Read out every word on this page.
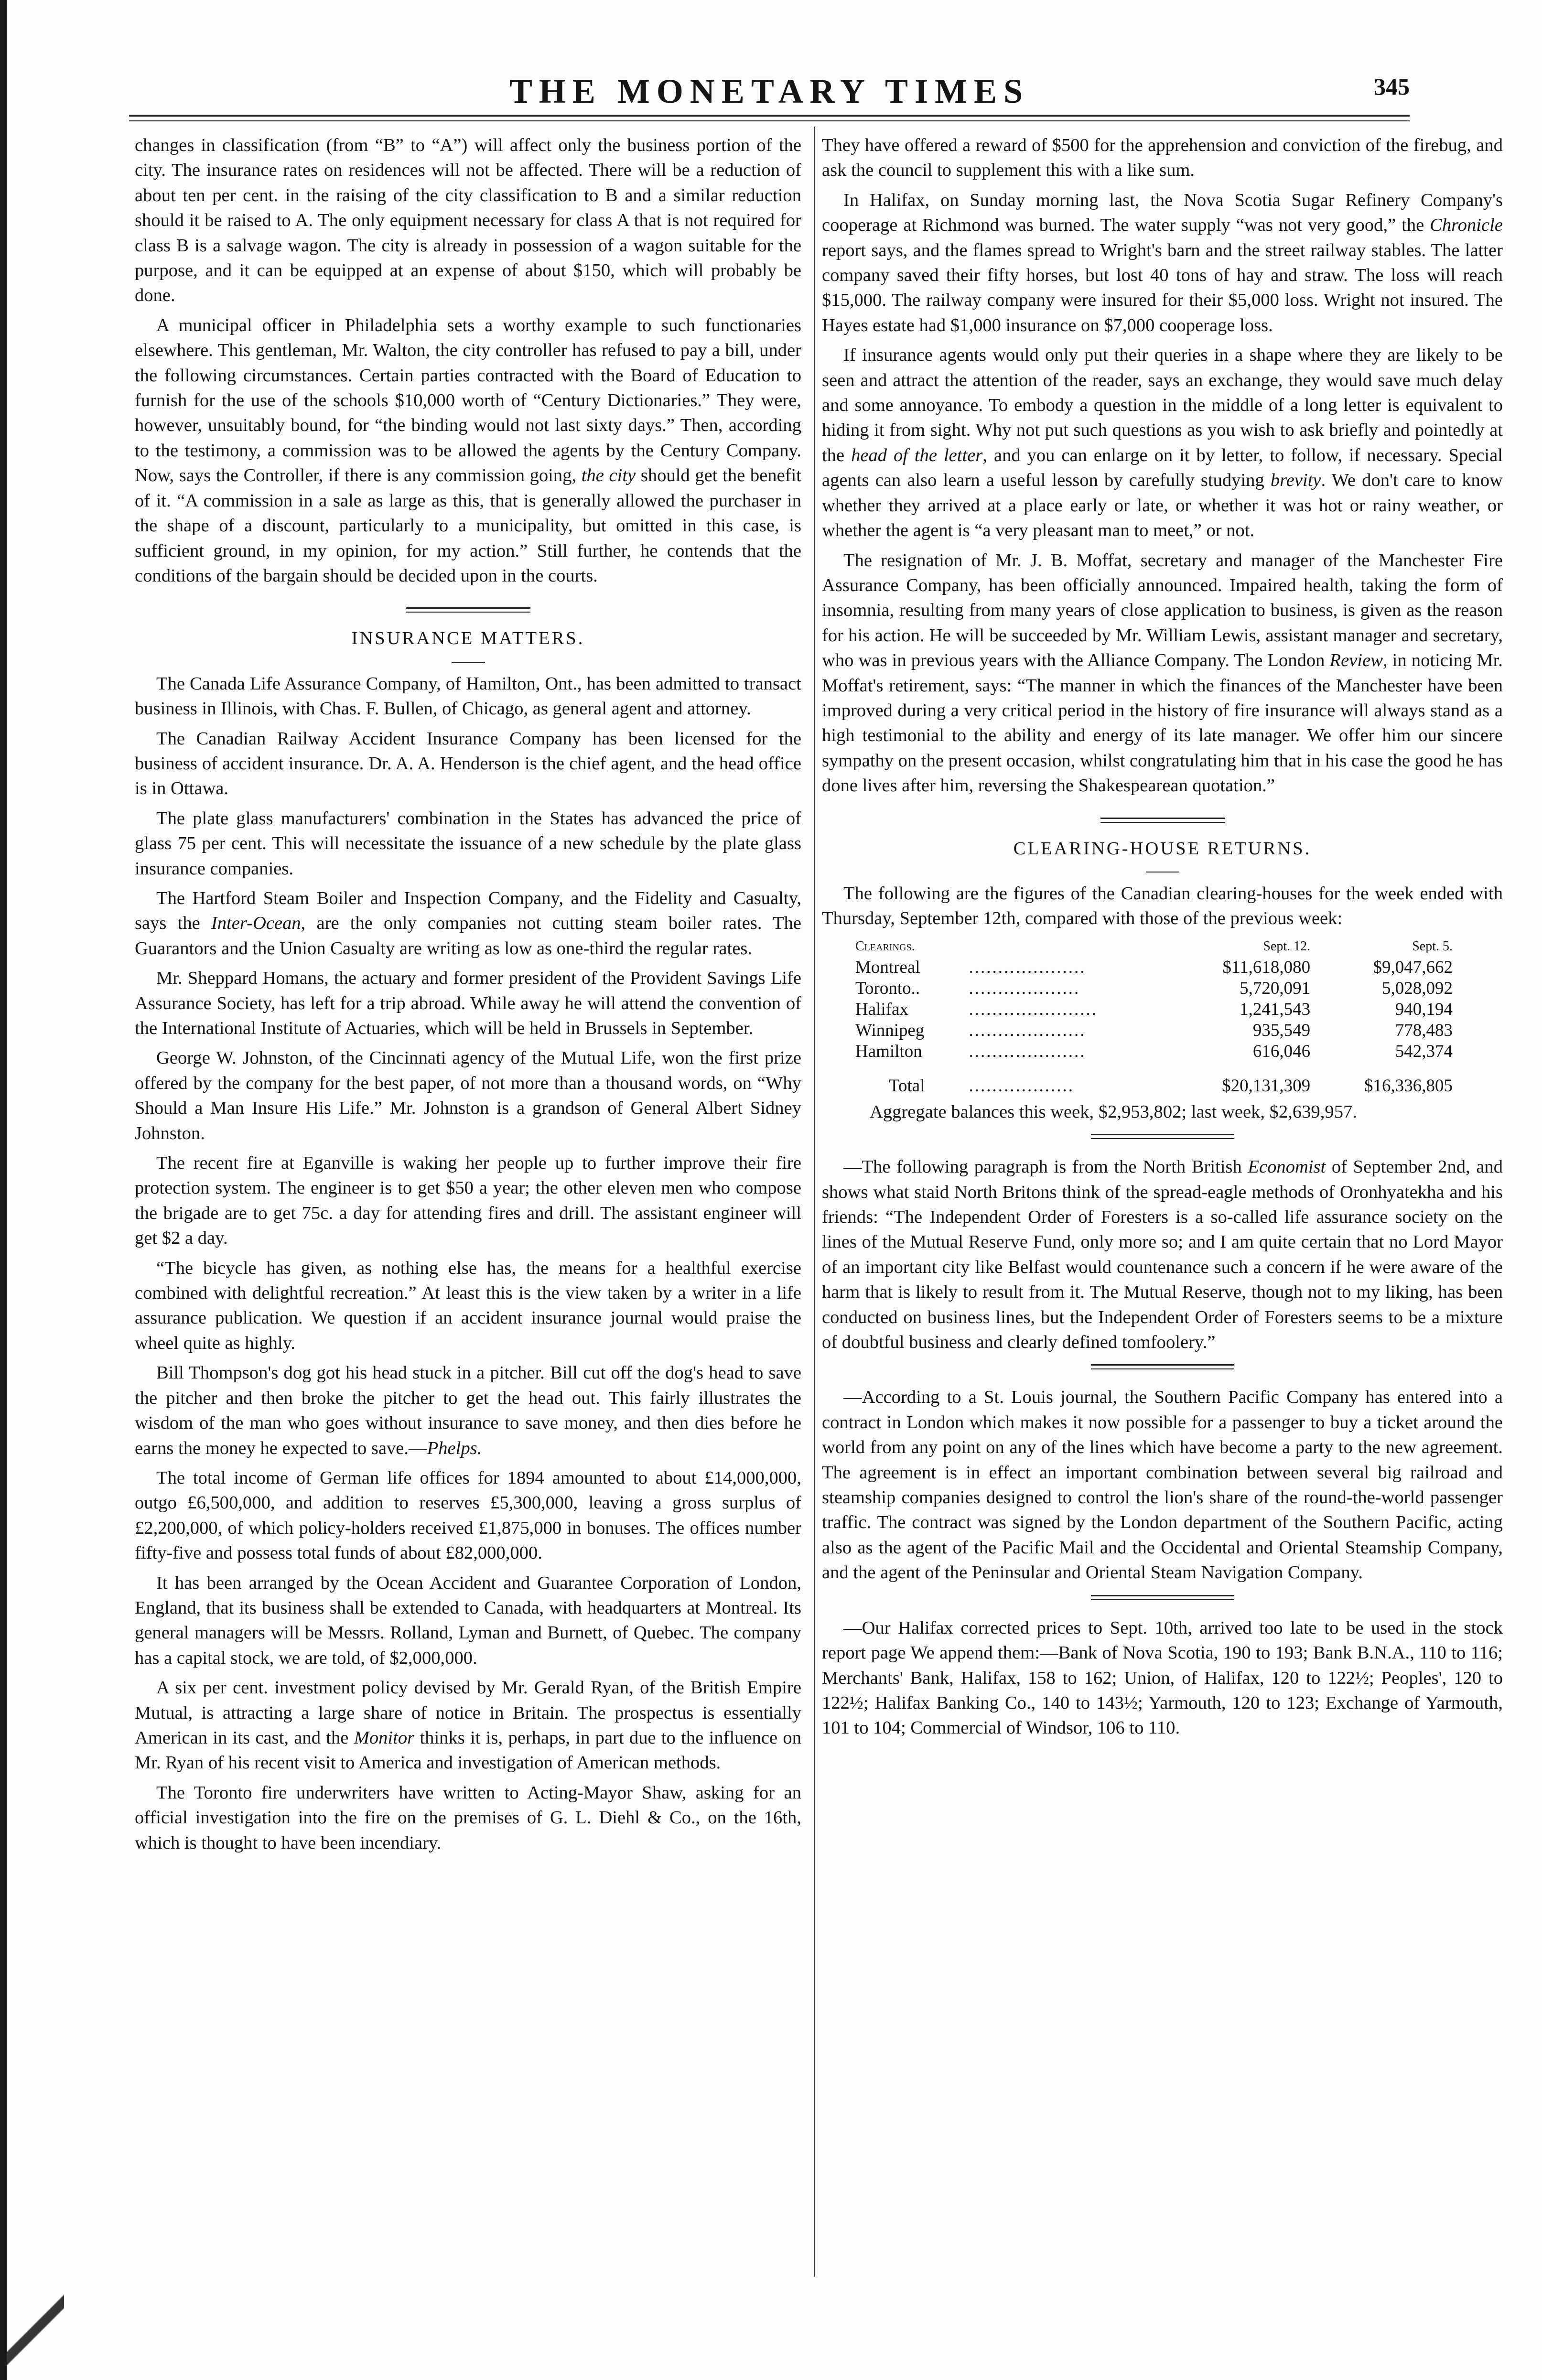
THE MONETARY TIMES	345

changes in classification (from “B” to “A”) will affect only the business portion of the city. The insurance rates on residences will not be affected. There will be a reduction of about ten per cent. in the raising of the city classification to B and a similar reduction should it be raised to A. The only equipment necessary for class A that is not required for class B is a salvage wagon. The city is already in possession of a wagon suitable for the purpose, and it can be equipped at an expense of about $150, which will probably be done.

A municipal officer in Philadelphia sets a worthy example to such functionaries elsewhere. This gentleman, Mr. Walton, the city controller has refused to pay a bill, under the following circumstances. Certain parties contracted with the Board of Education to furnish for the use of the schools $10,000 worth of “Century Dictionaries.” They were, however, unsuitably bound, for “the binding would not last sixty days.” Then, according to the testimony, a commission was to be allowed the agents by the Century Company. Now, says the Controller, if there is any commission going, the city should get the benefit of it. “A commission in a sale as large as this, that is generally allowed the purchaser in the shape of a discount, particularly to a municipality, but omitted in this case, is sufficient ground, in my opinion, for my action.” Still further, he contends that the conditions of the bargain should be decided upon in the courts.

INSURANCE MATTERS.

The Canada Life Assurance Company, of Hamilton, Ont., has been admitted to transact business in Illinois, with Chas. F. Bullen, of Chicago, as general agent and attorney.

The Canadian Railway Accident Insurance Company has been licensed for the business of accident insurance. Dr. A. A. Henderson is the chief agent, and the head office is in Ottawa.

The plate glass manufacturers' combination in the States has advanced the price of glass 75 per cent. This will necessitate the issuance of a new schedule by the plate glass insurance companies.

The Hartford Steam Boiler and Inspection Company, and the Fidelity and Casualty, says the Inter-Ocean, are the only companies not cutting steam boiler rates. The Guarantors and the Union Casualty are writing as low as one-third the regular rates.

Mr. Sheppard Homans, the actuary and former president of the Provident Savings Life Assurance Society, has left for a trip abroad. While away he will attend the convention of the International Institute of Actuaries, which will be held in Brussels in September.

George W. Johnston, of the Cincinnati agency of the Mutual Life, won the first prize offered by the company for the best paper, of not more than a thousand words, on “Why Should a Man Insure His Life.” Mr. Johnston is a grandson of General Albert Sidney Johnston.

The recent fire at Eganville is waking her people up to further improve their fire protection system. The engineer is to get $50 a year; the other eleven men who compose the brigade are to get 75c. a day for attending fires and drill. The assistant engineer will get $2 a day.

“The bicycle has given, as nothing else has, the means for a healthful exercise combined with delightful recreation.” At least this is the view taken by a writer in a life assurance publication. We question if an accident insurance journal would praise the wheel quite as highly.

Bill Thompson's dog got his head stuck in a pitcher. Bill cut off the dog's head to save the pitcher and then broke the pitcher to get the head out. This fairly illustrates the wisdom of the man who goes without insurance to save money, and then dies before he earns the money he expected to save.—Phelps.

The total income of German life offices for 1894 amounted to about £14,000,000, outgo £6,500,000, and addition to reserves £5,300,000, leaving a gross surplus of £2,200,000, of which policy-holders received £1,875,000 in bonuses. The offices number fifty-five and possess total funds of about £82,000,000.

It has been arranged by the Ocean Accident and Guarantee Corporation of London, England, that its business shall be extended to Canada, with headquarters at Montreal. Its general managers will be Messrs. Rolland, Lyman and Burnett, of Quebec. The company has a capital stock, we are told, of $2,000,000.

A six per cent. investment policy devised by Mr. Gerald Ryan, of the British Empire Mutual, is attracting a large share of notice in Britain. The prospectus is essentially American in its cast, and the Monitor thinks it is, perhaps, in part due to the influence on Mr. Ryan of his recent visit to America and investigation of American methods.

The Toronto fire underwriters have written to Acting-Mayor Shaw, asking for an official investigation into the fire on the premises of G. L. Diehl & Co., on the 16th, which is thought to have been incendiary.

They have offered a reward of $500 for the apprehension and conviction of the firebug, and ask the council to supplement this with a like sum.

In Halifax, on Sunday morning last, the Nova Scotia Sugar Refinery Company's cooperage at Richmond was burned. The water supply “was not very good,” the Chronicle report says, and the flames spread to Wright's barn and the street railway stables. The latter company saved their fifty horses, but lost 40 tons of hay and straw. The loss will reach $15,000. The railway company were insured for their $5,000 loss. Wright not insured. The Hayes estate had $1,000 insurance on $7,000 cooperage loss.

If insurance agents would only put their queries in a shape where they are likely to be seen and attract the attention of the reader, says an exchange, they would save much delay and some annoyance. To embody a question in the middle of a long letter is equivalent to hiding it from sight. Why not put such questions as you wish to ask briefly and pointedly at the head of the letter, and you can enlarge on it by letter, to follow, if necessary. Special agents can also learn a useful lesson by carefully studying brevity. We don't care to know whether they arrived at a place early or late, or whether it was hot or rainy weather, or whether the agent is “a very pleasant man to meet,” or not.

The resignation of Mr. J. B. Moffat, secretary and manager of the Manchester Fire Assurance Company, has been officially announced. Impaired health, taking the form of insomnia, resulting from many years of close application to business, is given as the reason for his action. He will be succeeded by Mr. William Lewis, assistant manager and secretary, who was in previous years with the Alliance Company. The London Review, in noticing Mr. Moffat's retirement, says: “The manner in which the finances of the Manchester have been improved during a very critical period in the history of fire insurance will always stand as a high testimonial to the ability and energy of its late manager. We offer him our sincere sympathy on the present occasion, whilst congratulating him that in his case the good he has done lives after him, reversing the Shakespearean quotation.”

CLEARING-HOUSE RETURNS.

The following are the figures of the Canadian clearing-houses for the week ended with Thursday, September 12th, compared with those of the previous week:

Clearings.		Sept. 12.	Sept. 5.
Montreal	....................	$11,618,080	$9,047,662
Toronto..	...................	5,720,091	5,028,092
Halifax	......................	1,241,543	940,194
Winnipeg	....................	935,549	778,483
Hamilton	....................	616,046	542,374
Total	..................	$20,131,309	$16,336,805

Aggregate balances this week, $2,953,802; last week, $2,639,957.

—The following paragraph is from the North British Economist of September 2nd, and shows what staid North Britons think of the spread-eagle methods of Oronhyatekha and his friends: “The Independent Order of Foresters is a so-called life assurance society on the lines of the Mutual Reserve Fund, only more so; and I am quite certain that no Lord Mayor of an important city like Belfast would countenance such a concern if he were aware of the harm that is likely to result from it. The Mutual Reserve, though not to my liking, has been conducted on business lines, but the Independent Order of Foresters seems to be a mixture of doubtful business and clearly defined tomfoolery.”

—According to a St. Louis journal, the Southern Pacific Company has entered into a contract in London which makes it now possible for a passenger to buy a ticket around the world from any point on any of the lines which have become a party to the new agreement. The agreement is in effect an important combination between several big railroad and steamship companies designed to control the lion's share of the round-the-world passenger traffic. The contract was signed by the London department of the Southern Pacific, acting also as the agent of the Pacific Mail and the Occidental and Oriental Steamship Company, and the agent of the Peninsular and Oriental Steam Navigation Company.

—Our Halifax corrected prices to Sept. 10th, arrived too late to be used in the stock report page We append them:—Bank of Nova Scotia, 190 to 193; Bank B.N.A., 110 to 116; Merchants' Bank, Halifax, 158 to 162; Union, of Halifax, 120 to 122½; Peoples', 120 to 122½; Halifax Banking Co., 140 to 143½; Yarmouth, 120 to 123; Exchange of Yarmouth, 101 to 104; Commercial of Windsor, 106 to 110.
